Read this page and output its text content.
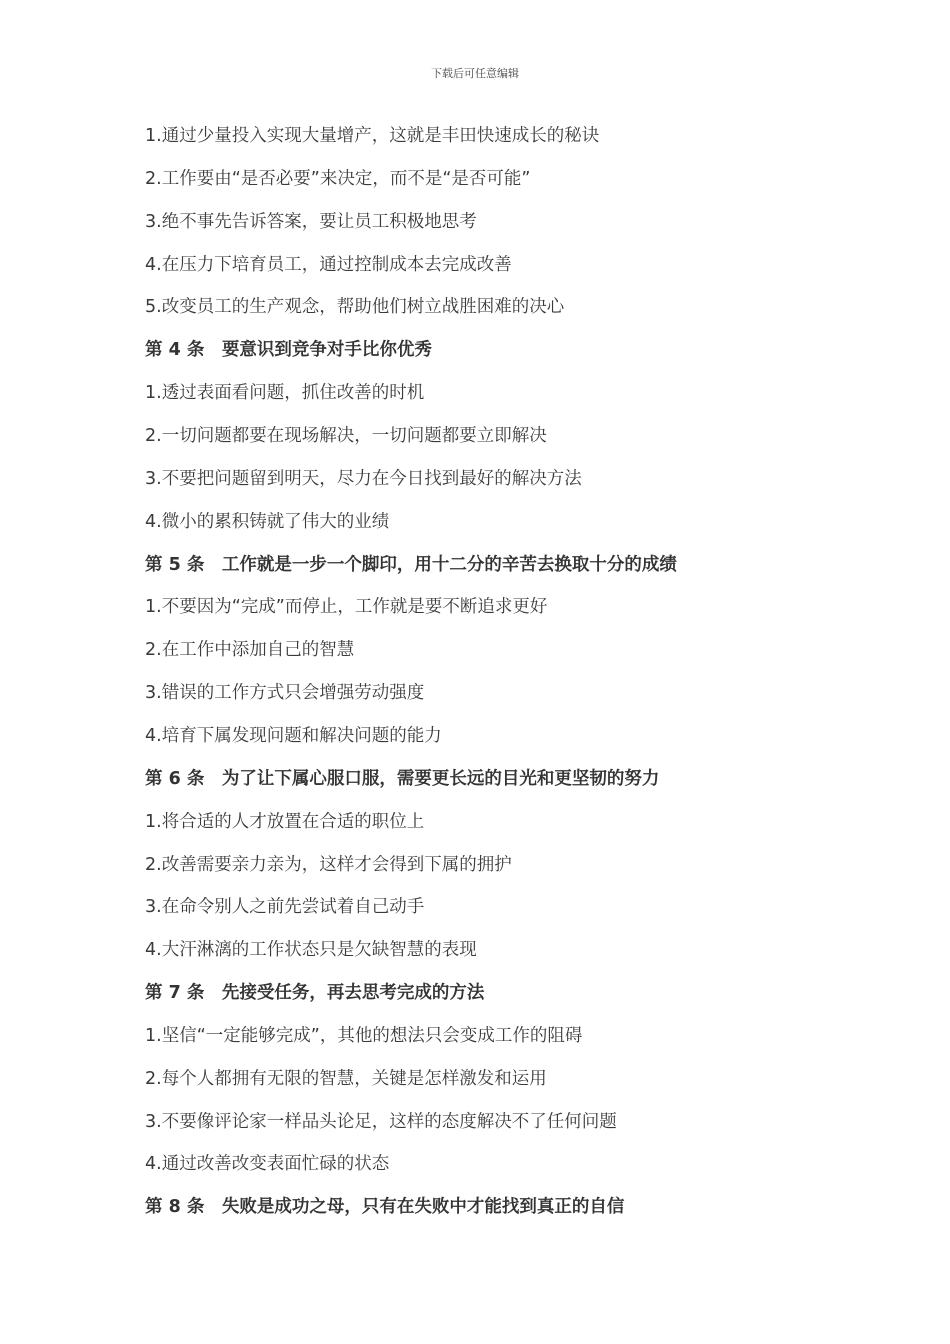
下载后可任意编辑
1.通过少量投入实现大量增产，这就是丰田快速成长的秘诀
2.工作要由“是否必要”来决定，而不是“是否可能”
3.绝不事先告诉答案，要让员工积极地思考
4.在压力下培育员工，通过控制成本去完成改善
5.改变员工的生产观念，帮助他们树立战胜困难的决心
第 4 条　要意识到竞争对手比你优秀
1.透过表面看问题，抓住改善的时机
2.一切问题都要在现场解决，一切问题都要立即解决
3.不要把问题留到明天，尽力在今日找到最好的解决方法
4.微小的累积铸就了伟大的业绩
第 5 条　工作就是一步一个脚印，用十二分的辛苦去换取十分的成绩
1.不要因为“完成”而停止，工作就是要不断追求更好
2.在工作中添加自己的智慧
3.错误的工作方式只会增强劳动强度
4.培育下属发现问题和解决问题的能力
第 6 条　为了让下属心服口服，需要更长远的目光和更坚韧的努力
1.将合适的人才放置在合适的职位上
2.改善需要亲力亲为，这样才会得到下属的拥护
3.在命令别人之前先尝试着自己动手
4.大汗淋漓的工作状态只是欠缺智慧的表现
第 7 条　先接受任务，再去思考完成的方法
1.坚信“一定能够完成”，其他的想法只会变成工作的阻碍
2.每个人都拥有无限的智慧，关键是怎样激发和运用
3.不要像评论家一样品头论足，这样的态度解决不了任何问题
4.通过改善改变表面忙碌的状态
第 8 条　失败是成功之母，只有在失败中才能找到真正的自信
